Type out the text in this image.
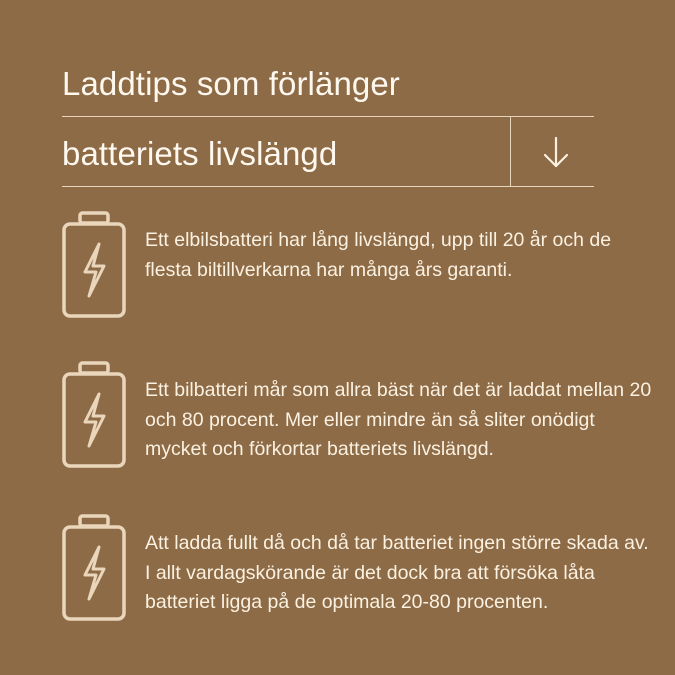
Laddtips som förlänger
batteriets livslängd
Ett elbilsbatteri har lång livslängd, upp till 20 år och de flesta biltillverkarna har många års garanti.
Ett bilbatteri mår som allra bäst när det är laddat mellan 20 och 80 procent. Mer eller mindre än så sliter onödigt mycket och förkortar batteriets livslängd.
Att ladda fullt då och då tar batteriet ingen större skada av. I allt vardagskörande är det dock bra att försöka låta batteriet ligga på de optimala 20-80 procenten.
